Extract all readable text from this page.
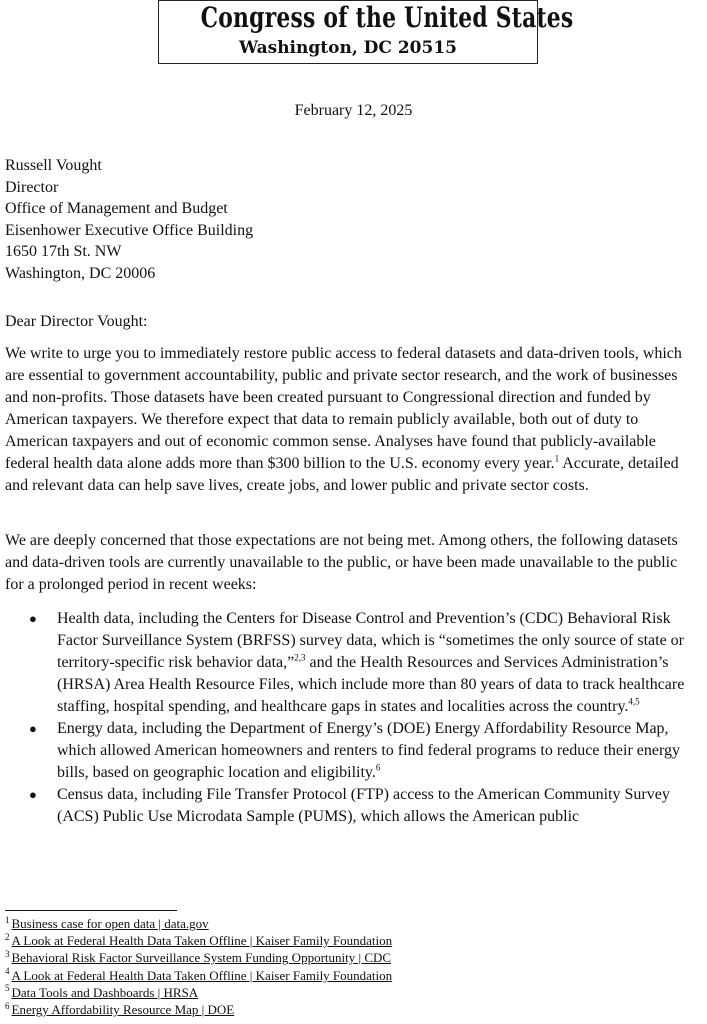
Congress of the United States
Washington, DC 20515
February 12, 2025
Russell Vought
Director
Office of Management and Budget
Eisenhower Executive Office Building
1650 17th St. NW
Washington, DC 20006
Dear Director Vought:

We write to urge you to immediately restore public access to federal datasets and data-driven tools, which are essential to government accountability, public and private sector research, and the work of businesses and non-profits. Those datasets have been created pursuant to Congressional direction and funded by American taxpayers. We therefore expect that data to remain publicly available, both out of duty to American taxpayers and out of economic common sense. Analyses have found that publicly-available federal health data alone adds more than $300 billion to the U.S. economy every year.$^1$ Accurate, detailed and relevant data can help save lives, create jobs, and lower public and private sector costs.

We are deeply concerned that those expectations are not being met. Among others, the following datasets and data-driven tools are currently unavailable to the public, or have been made unavailable to the public for a prolonged period in recent weeks:

● Health data, including the Centers for Disease Control and Prevention’s (CDC) Behavioral Risk Factor Surveillance System (BRFSS) survey data, which is “sometimes the only source of state or territory-specific risk behavior data,”$^{2,3}$ and the Health Resources and Services Administration’s (HRSA) Area Health Resource Files, which include more than 80 years of data to track healthcare staffing, hospital spending, and healthcare gaps in states and localities across the country.$^{4,5}$
● Energy data, including the Department of Energy’s (DOE) Energy Affordability Resource Map, which allowed American homeowners and renters to find federal programs to reduce their energy bills, based on geographic location and eligibility.$^6$
● Census data, including File Transfer Protocol (FTP) access to the American Community Survey (ACS) Public Use Microdata Sample (PUMS), which allows the American public
$^1$ Business case for open data | data.gov
$^2$ A Look at Federal Health Data Taken Offline | Kaiser Family Foundation
$^3$ Behavioral Risk Factor Surveillance System Funding Opportunity | CDC
$^4$ A Look at Federal Health Data Taken Offline | Kaiser Family Foundation
$^5$ Data Tools and Dashboards | HRSA
$^6$ Energy Affordability Resource Map | DOE
